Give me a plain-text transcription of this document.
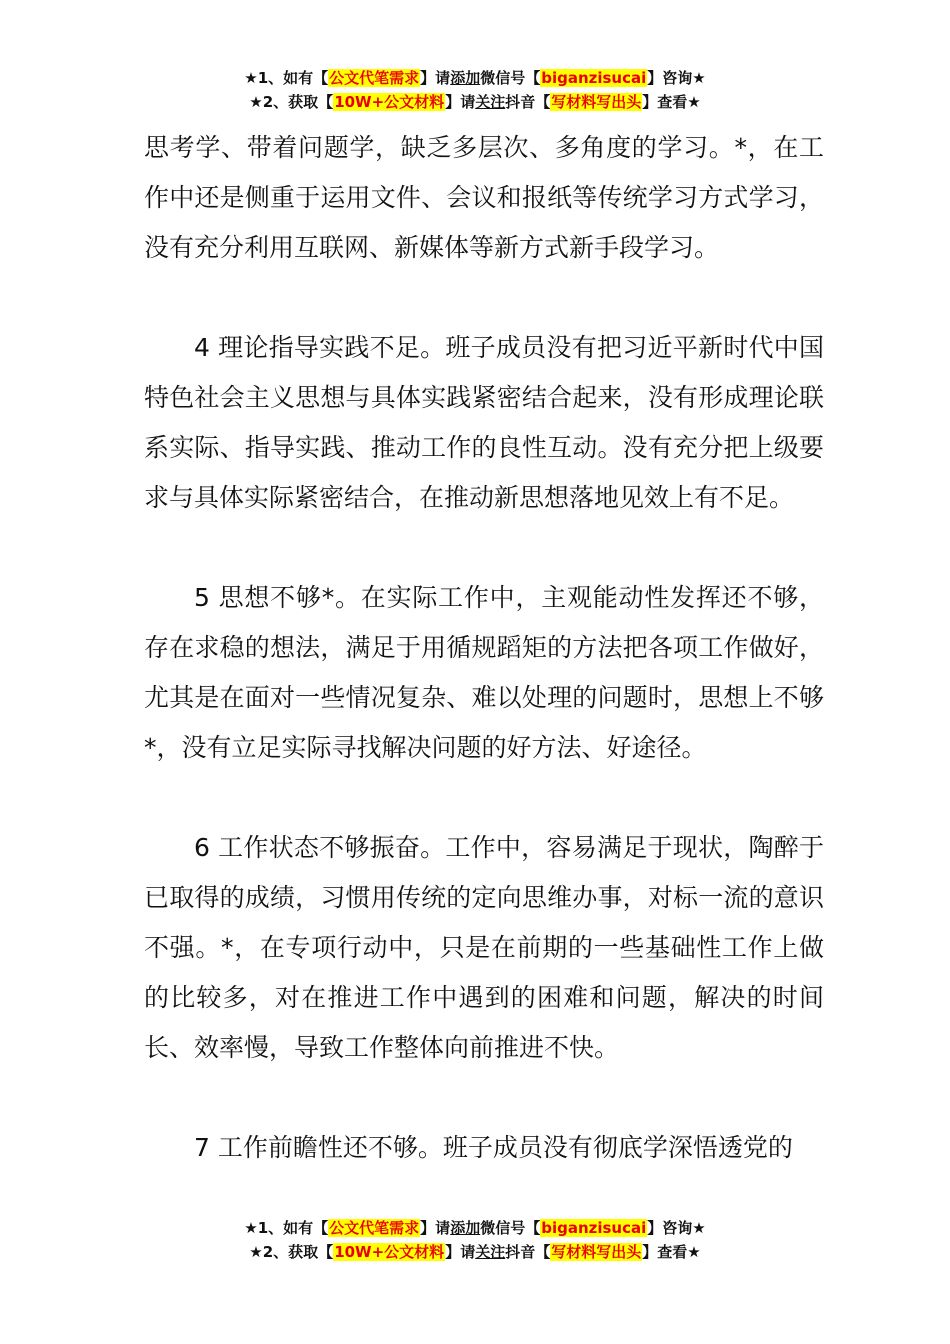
★1、如有【公文代笔需求】请添加微信号【biganzisucai】咨询★
★2、获取【10W+公文材料】请关注抖音【写材料写出头】查看★

思考学、带着问题学，缺乏多层次、多角度的学习。*，在工作中还是侧重于运用文件、会议和报纸等传统学习方式学习，没有充分利用互联网、新媒体等新方式新手段学习。

4 理论指导实践不足。班子成员没有把习近平新时代中国特色社会主义思想与具体实践紧密结合起来，没有形成理论联系实际、指导实践、推动工作的良性互动。没有充分把上级要求与具体实际紧密结合，在推动新思想落地见效上有不足。

5 思想不够*。在实际工作中，主观能动性发挥还不够，存在求稳的想法，满足于用循规蹈矩的方法把各项工作做好，尤其是在面对一些情况复杂、难以处理的问题时，思想上不够*，没有立足实际寻找解决问题的好方法、好途径。

6 工作状态不够振奋。工作中，容易满足于现状，陶醉于已取得的成绩，习惯用传统的定向思维办事，对标一流的意识不强。*，在专项行动中，只是在前期的一些基础性工作上做的比较多，对在推进工作中遇到的困难和问题，解决的时间长、效率慢，导致工作整体向前推进不快。

7 工作前瞻性还不够。班子成员没有彻底学深悟透党的

★1、如有【公文代笔需求】请添加微信号【biganzisucai】咨询★
★2、获取【10W+公文材料】请关注抖音【写材料写出头】查看★
